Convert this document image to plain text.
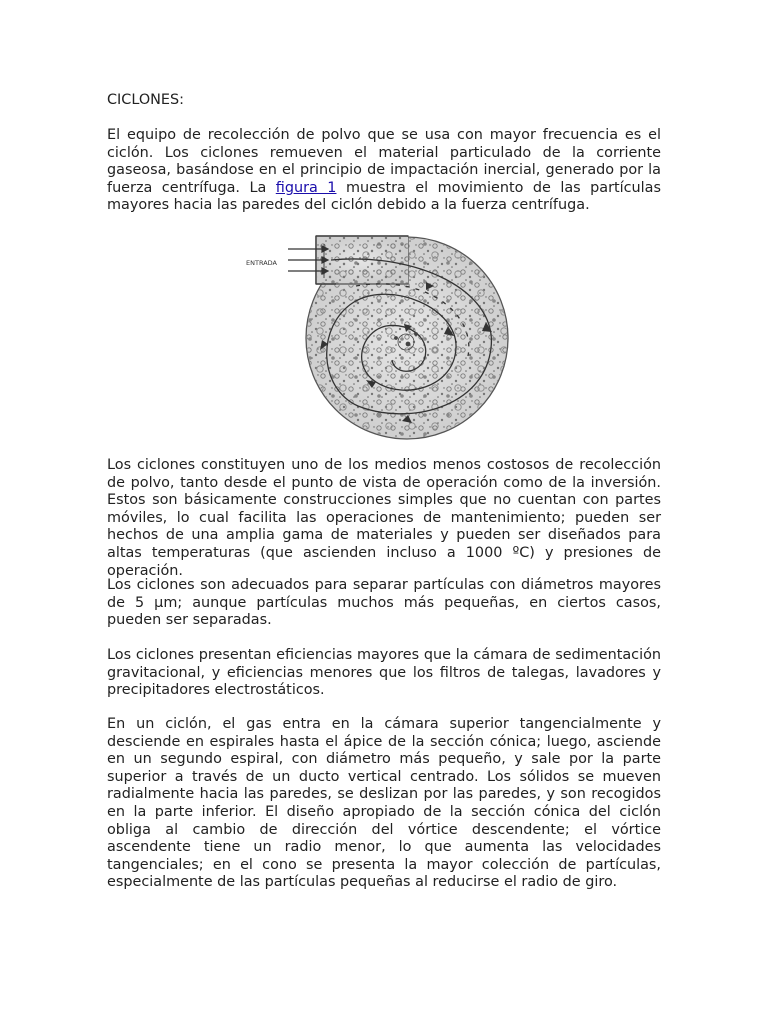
CICLONES:

El equipo de recolección de polvo que se usa con mayor frecuencia es el ciclón. Los ciclones remueven el material particulado de la corriente gaseosa, basándose en el principio de impactación inercial, generado por la fuerza centrífuga. La figura 1 muestra el movimiento de las partículas mayores hacia las paredes del ciclón debido a la fuerza centrífuga.

ENTRADA

Los ciclones constituyen uno de los medios menos costosos de recolección de polvo, tanto desde el punto de vista de operación como de la inversión. Estos son básicamente construcciones simples que no cuentan con partes móviles, lo cual facilita las operaciones de mantenimiento; pueden ser hechos de una amplia gama de materiales y pueden ser diseñados para altas temperaturas (que ascienden incluso a 1000 ºC) y presiones de operación.

Los ciclones son adecuados para separar partículas con diámetros mayores de 5 µm; aunque partículas muchos más pequeñas, en ciertos casos, pueden ser separadas.

Los ciclones presentan eficiencias mayores que la cámara de sedimentación gravitacional, y eficiencias menores que los filtros de talegas, lavadores y precipitadores electrostáticos.

En un ciclón, el gas entra en la cámara superior tangencialmente y desciende en espirales hasta el ápice de la sección cónica; luego, asciende en un segundo espiral, con diámetro más pequeño, y sale por la parte superior a través de un ducto vertical centrado. Los sólidos se mueven radialmente hacia las paredes, se deslizan por las paredes, y son recogidos en la parte inferior. El diseño apropiado de la sección cónica del ciclón obliga al cambio de dirección del vórtice descendente; el vórtice ascendente tiene un radio menor, lo que aumenta las velocidades tangenciales; en el cono se presenta la mayor colección de partículas, especialmente de las partículas pequeñas al reducirse el radio de giro.
